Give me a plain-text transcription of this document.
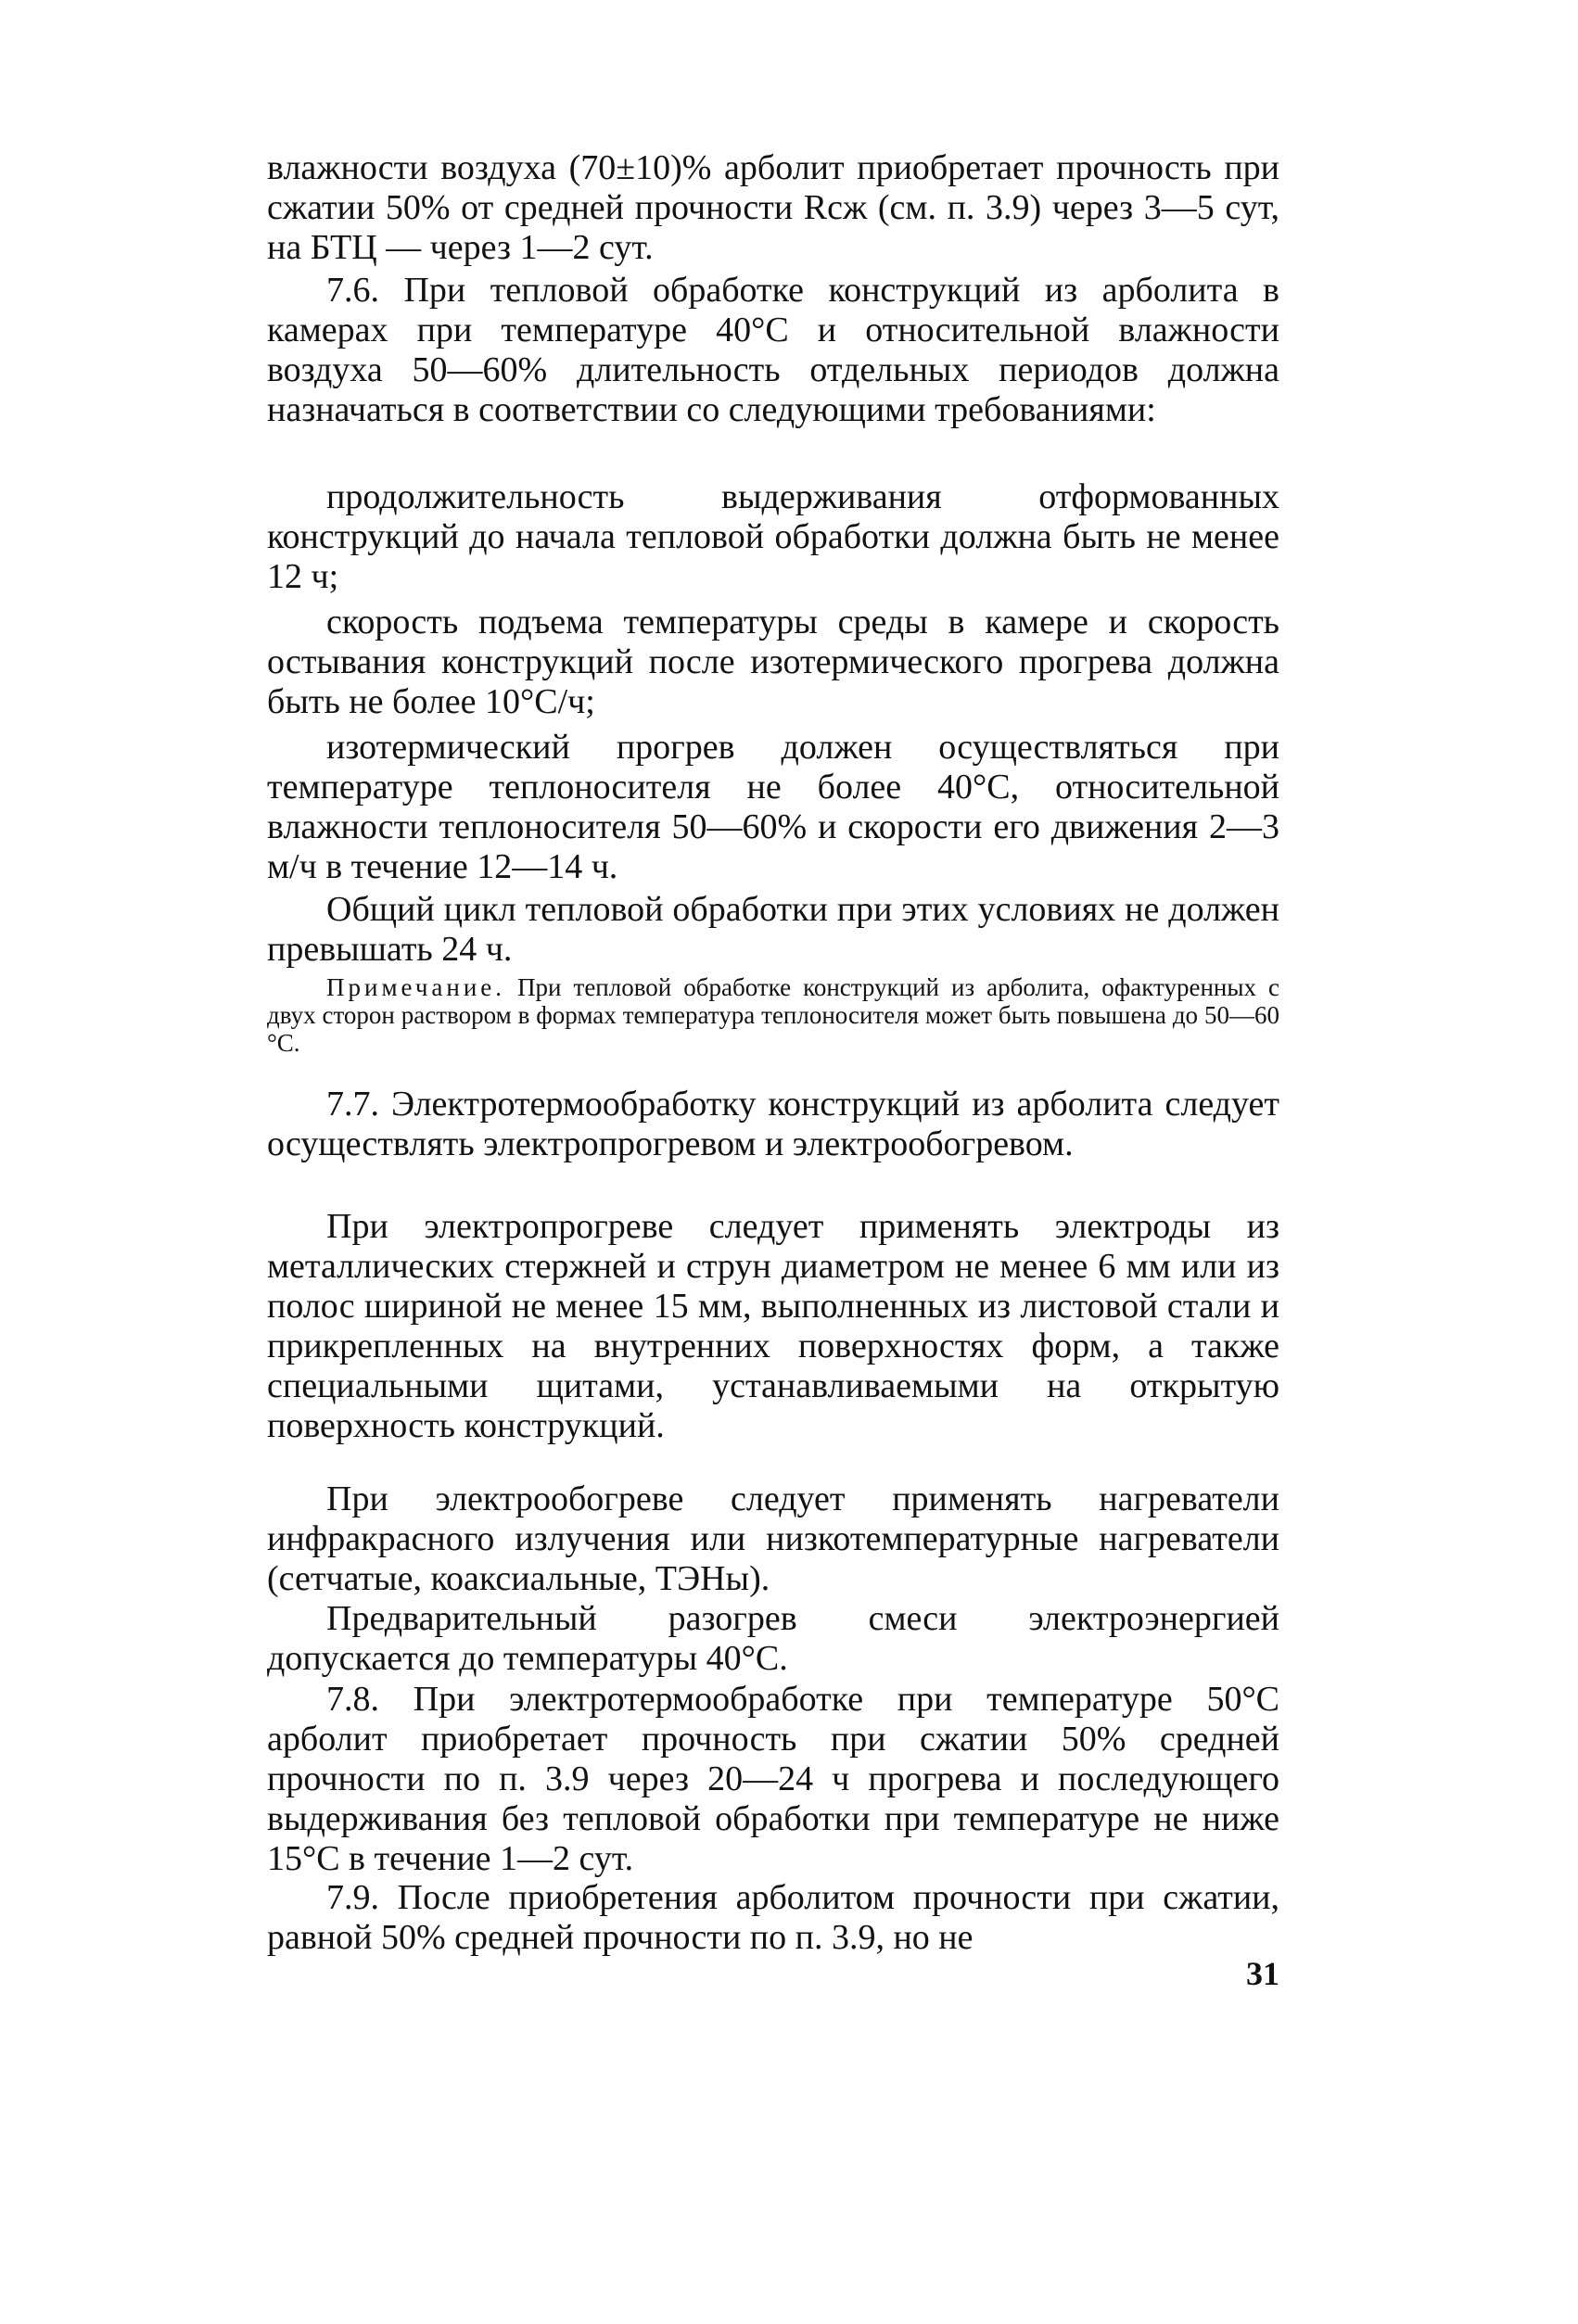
влажности воздуха (70±10)% арболит приобретает прочность при сжатии 50% от средней прочности Rсж (см. п. 3.9) через 3—5 сут, на БТЦ — через 1—2 сут.

7.6. При тепловой обработке конструкций из арболита в камерах при температуре 40°С и относительной влажности воздуха 50—60% длительность отдельных периодов должна назначаться в соответствии со следующими требованиями:

продолжительность выдерживания отформованных конструкций до начала тепловой обработки должна быть не менее 12 ч;

скорость подъема температуры среды в камере и скорость остывания конструкций после изотермического прогрева должна быть не более 10°С/ч;

изотермический прогрев должен осуществляться при температуре теплоносителя не более 40°С, относительной влажности теплоносителя 50—60% и скорости его движения 2—3 м/ч в течение 12—14 ч.

Общий цикл тепловой обработки при этих условиях не должен превышать 24 ч.

Примечание. При тепловой обработке конструкций из арболита, офактуренных с двух сторон раствором в формах температура теплоносителя может быть повышена до 50—60 °С.

7.7. Электротермообработку конструкций из арболита следует осуществлять электропрогревом и электрообогревом.

При электропрогреве следует применять электроды из металлических стержней и струн диаметром не менее 6 мм или из полос шириной не менее 15 мм, выполненных из листовой стали и прикрепленных на внутренних поверхностях форм, а также специальными щитами, устанавливаемыми на открытую поверхность конструкций.

При электрообогреве следует применять нагреватели инфракрасного излучения или низкотемпературные нагреватели (сетчатые, коаксиальные, ТЭНы).

Предварительный разогрев смеси электроэнергией допускается до температуры 40°С.

7.8. При электротермообработке при температуре 50°С арболит приобретает прочность при сжатии 50% средней прочности по п. 3.9 через 20—24 ч прогрева и последующего выдерживания без тепловой обработки при температуре не ниже 15°С в течение 1—2 сут.

7.9. После приобретения арболитом прочности при сжатии, равной 50% средней прочности по п. 3.9, но не

31
